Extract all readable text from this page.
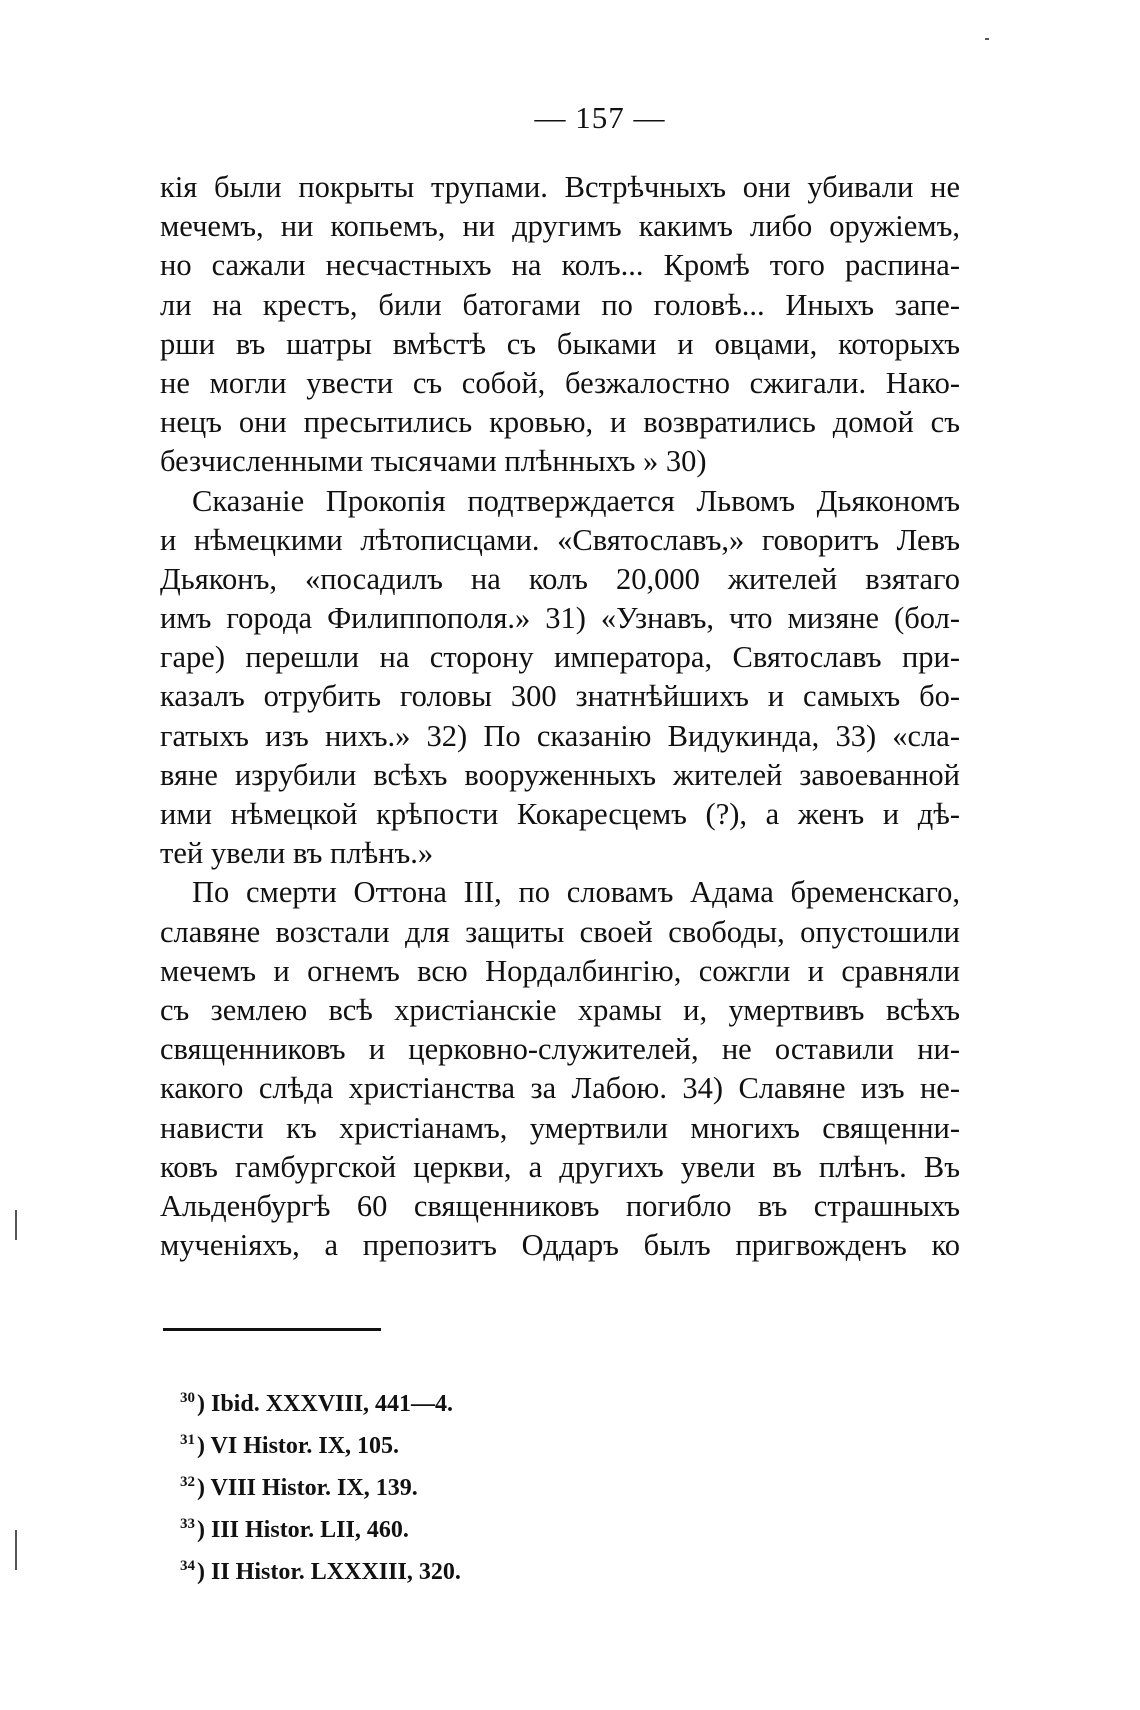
— 157 —
кія были покрыты трупами. Встрѣчныхъ они убивали не
мечемъ, ни копьемъ, ни другимъ какимъ либо оружіемъ,
но сажали несчастныхъ на колъ... Кромѣ того распина-
ли на крестъ, били батогами по головѣ... Иныхъ запе-
рши въ шатры вмѣстѣ съ быками и овцами, которыхъ
не могли увести съ собой, безжалостно сжигали. Нако-
нецъ они пресытились кровью, и возвратились домой съ
безчисленными тысячами плѣнныхъ » 30)
Сказаніе Прокопія подтверждается Львомъ Дьякономъ
и нѣмецкими лѣтописцами. «Святославъ,» говоритъ Левъ
Дьяконъ, «посадилъ на колъ 20,000 жителей взятаго
имъ города Филиппополя.» 31) «Узнавъ, что мизяне (бол-
гаре) перешли на сторону императора, Святославъ при-
казалъ отрубить головы 300 знатнѣйшихъ и самыхъ бо-
гатыхъ изъ нихъ.» 32) По сказанію Видукинда, 33) «сла-
вяне изрубили всѣхъ вооруженныхъ жителей завоеванной
ими нѣмецкой крѣпости Кокаресцемъ (?), а женъ и дѣ-
тей увели въ плѣнъ.»
По смерти Оттона III, по словамъ Адама бременскаго,
славяне возстали для защиты своей свободы, опустошили
мечемъ и огнемъ всю Нордалбингію, сожгли и сравняли
съ землею всѣ христіанскіе храмы и, умертвивъ всѣхъ
священниковъ и церковно-служителей, не оставили ни-
какого слѣда христіанства за Лабою. 34) Славяне изъ не-
нависти къ христіанамъ, умертвили многихъ священни-
ковъ гамбургской церкви, а другихъ увели въ плѣнъ. Въ
Альденбургѣ 60 священниковъ погибло въ страшныхъ
мученіяхъ, а препозитъ Оддаръ былъ пригвожденъ ко
$^{30}$) Ibid. XXXVIII, 441—4.
$^{31}$) VI Histor. IX, 105.
$^{32}$) VIII Histor. IX, 139.
$^{33}$) III Histor. LII, 460.
$^{34}$) II Histor. LXXXIII, 320.
